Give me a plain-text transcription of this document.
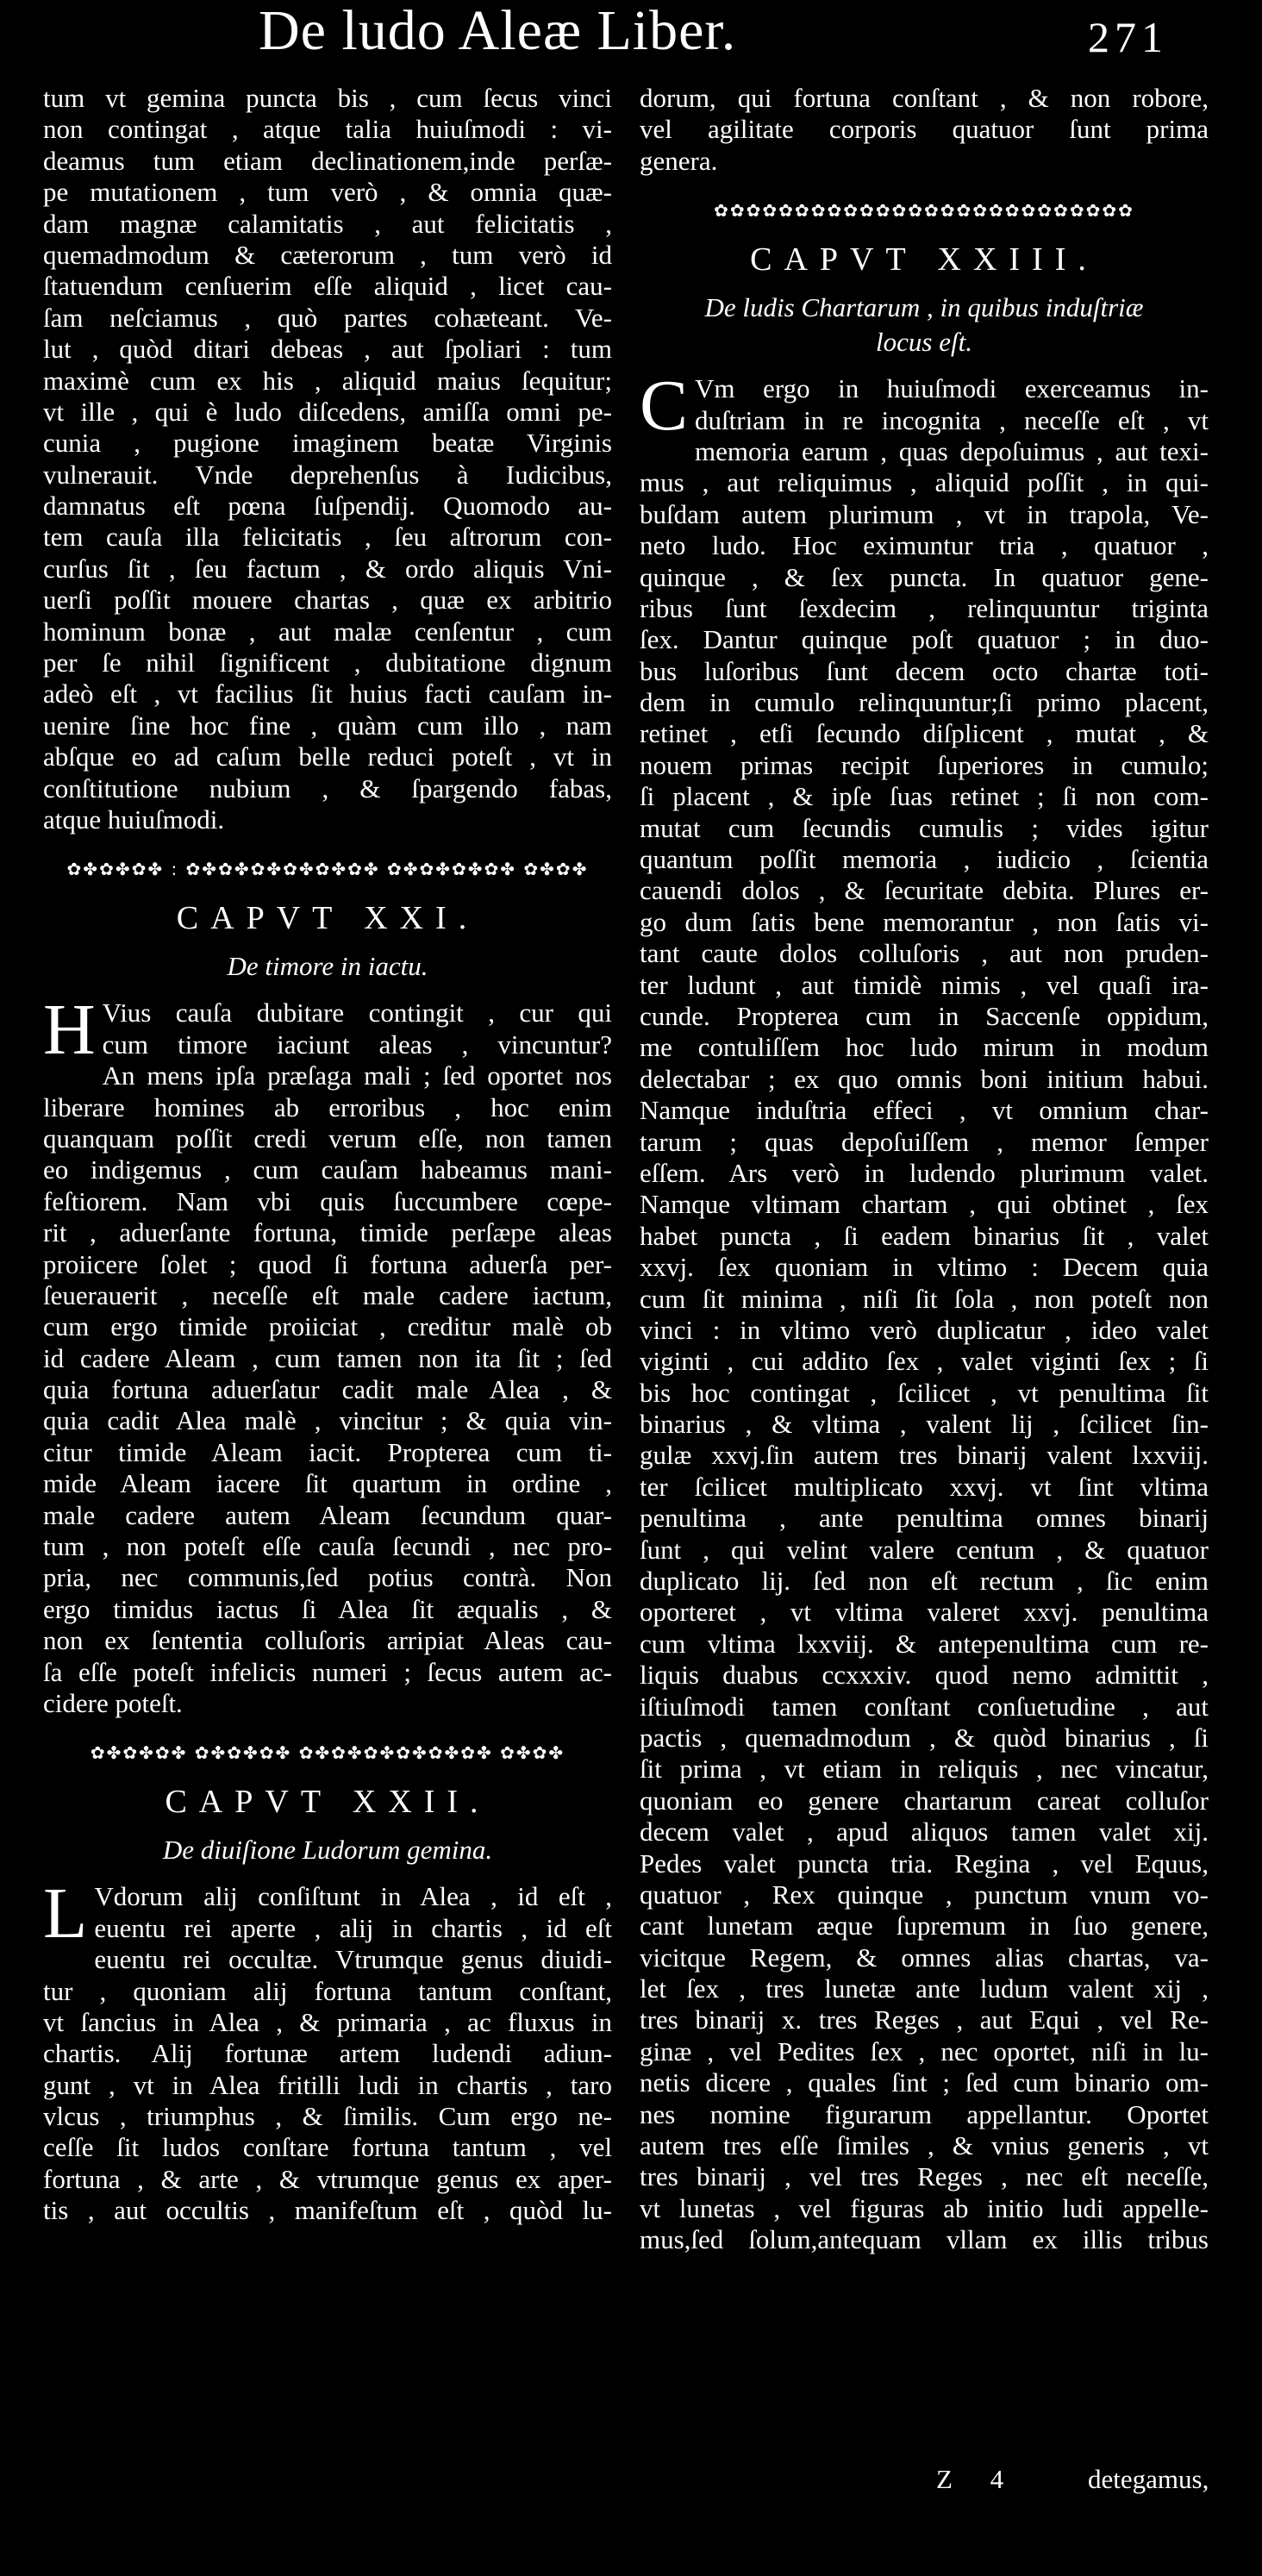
De ludo Aleæ Liber.	271
tum vt gemina puncta bis , cum ſecus vinci
non contingat , atque talia huiuſmodi : vi-
deamus tum etiam declinationem,inde perſæ-
pe mutationem , tum verò , & omnia quæ-
dam magnæ calamitatis , aut felicitatis ,
quemadmodum & cæterorum , tum verò id
ſtatuendum cenſuerim eſſe aliquid , licet cau-
ſam neſciamus , quò partes cohæteant. Ve-
lut , quòd ditari debeas , aut ſpoliari : tum
maximè cum ex his , aliquid maius ſequitur;
vt ille , qui è ludo diſcedens, amiſſa omni pe-
cunia , pugione imaginem beatæ Virginis
vulnerauit. Vnde deprehenſus à Iudicibus,
damnatus eſt pœna ſuſpendij. Quomodo au-
tem cauſa illa felicitatis , ſeu aſtrorum con-
curſus ſit , ſeu factum , & ordo aliquis Vni-
uerſi poſſit mouere chartas , quæ ex arbitrio
hominum bonæ , aut malæ cenſentur , cum
per ſe nihil ſignificent , dubitatione dignum
adeò eſt , vt facilius ſit huius facti cauſam in-
uenire ſine hoc fine , quàm cum illo , nam
abſque eo ad caſum belle reduci poteſt , vt in
conſtitutione nubium , & ſpargendo fabas,
atque huiuſmodi.
✿✤✿✤✿✤ : ✿✤✿✤✿✤✿✤✿✤✿✤ ✿✤✿✤✿✤✿✤ ✿✤✿✤
CAPVT XXI.
De timore in iactu.
H Vius cauſa dubitare contingit , cur qui
cum timore iaciunt aleas , vincuntur?
An mens ipſa præſaga mali ; ſed oportet nos
liberare homines ab erroribus , hoc enim
quanquam poſſit credi verum eſſe, non tamen
eo indigemus , cum cauſam habeamus mani-
feſtiorem. Nam vbi quis ſuccumbere cœpe-
rit , aduerſante fortuna, timide perſæpe aleas
proiicere ſolet ; quod ſi fortuna aduerſa per-
ſeuerauerit , neceſſe eſt male cadere iactum,
cum ergo timide proiiciat , creditur malè ob
id cadere Aleam , cum tamen non ita ſit ; ſed
quia fortuna aduerſatur cadit male Alea , &
quia cadit Alea malè , vincitur ; & quia vin-
citur timide Aleam iacit. Propterea cum ti-
mide Aleam iacere ſit quartum in ordine ,
male cadere autem Aleam ſecundum quar-
tum , non poteſt eſſe cauſa ſecundi , nec pro-
pria, nec communis,ſed potius contrà. Non
ergo timidus iactus ſi Alea ſit æqualis , &
non ex ſententia colluſoris arripiat Aleas cau-
ſa eſſe poteſt infelicis numeri ; ſecus autem ac-
cidere poteſt.
✿✤✿✤✿✤ ✿✤✿✤✿✤ ✿✤✿✤✿✤✿✤✿✤✿✤ ✿✤✿✤
CAPVT XXII.
De diuiſione Ludorum gemina.
L Vdorum alij conſiſtunt in Alea , id eſt ,
euentu rei aperte , alij in chartis , id eſt
euentu rei occultæ. Vtrumque genus diuidi-
tur , quoniam alij fortuna tantum conſtant,
vt ſancius in Alea , & primaria , ac fluxus in
chartis. Alij fortunæ artem ludendi adiun-
gunt , vt in Alea fritilli ludi in chartis , taro
vlcus , triumphus , & ſimilis. Cum ergo ne-
ceſſe ſit ludos conſtare fortuna tantum , vel
fortuna , & arte , & vtrumque genus ex aper-
tis , aut occultis , manifeſtum eſt , quòd lu-
dorum, qui fortuna conſtant , & non robore,
vel agilitate corporis quatuor ſunt prima
genera.
✿✿✿✿✿✿✿✿✿✿✿✿✿✿✿✿✿✿✿✿✿✿✿✿✿✿
CAPVT XXIII.
De ludis Chartarum , in quibus induſtriæ
locus eſt.
C Vm ergo in huiuſmodi exerceamus in-
duſtriam in re incognita , neceſſe eſt , vt
memoria earum , quas depoſuimus , aut texi-
mus , aut reliquimus , aliquid poſſit , in qui-
buſdam autem plurimum , vt in trapola, Ve-
neto ludo. Hoc eximuntur tria , quatuor ,
quinque , & ſex puncta. In quatuor gene-
ribus ſunt ſexdecim , relinquuntur triginta
ſex. Dantur quinque poſt quatuor ; in duo-
bus luſoribus ſunt decem octo chartæ toti-
dem in cumulo relinquuntur;ſi primo placent,
retinet , etſi ſecundo diſplicent , mutat , &
nouem primas recipit ſuperiores in cumulo;
ſi placent , & ipſe ſuas retinet ; ſi non com-
mutat cum ſecundis cumulis ; vides igitur
quantum poſſit memoria , iudicio , ſcientia
cauendi dolos , & ſecuritate debita. Plures er-
go dum ſatis bene memorantur , non ſatis vi-
tant caute dolos colluſoris , aut non pruden-
ter ludunt , aut timidè nimis , vel quaſi ira-
cunde. Propterea cum in Saccenſe oppidum,
me contuliſſem hoc ludo mirum in modum
delectabar ; ex quo omnis boni initium habui.
Namque induſtria effeci , vt omnium char-
tarum ; quas depoſuiſſem , memor ſemper
eſſem. Ars verò in ludendo plurimum valet.
Namque vltimam chartam , qui obtinet , ſex
habet puncta , ſi eadem binarius ſit , valet
xxvj. ſex quoniam in vltimo : Decem quia
cum ſit minima , niſi ſit ſola , non poteſt non
vinci : in vltimo verò duplicatur , ideo valet
viginti , cui addito ſex , valet viginti ſex ; ſi
bis hoc contingat , ſcilicet , vt penultima ſit
binarius , & vltima , valent lij , ſcilicet ſin-
gulæ xxvj.ſin autem tres binarij valent lxxviij.
ter ſcilicet multiplicato xxvj. vt ſint vltima
penultima , ante penultima omnes binarij
ſunt , qui velint valere centum , & quatuor
duplicato lij. ſed non eſt rectum , ſic enim
oporteret , vt vltima valeret xxvj. penultima
cum vltima lxxviij. & antepenultima cum re-
liquis duabus ccxxxiv. quod nemo admittit ,
iſtiuſmodi tamen conſtant conſuetudine , aut
pactis , quemadmodum , & quòd binarius , ſi
ſit prima , vt etiam in reliquis , nec vincatur,
quoniam eo genere chartarum careat colluſor
decem valet , apud aliquos tamen valet xij.
Pedes valet puncta tria. Regina , vel Equus,
quatuor , Rex quinque , punctum vnum vo-
cant lunetam æque ſupremum in ſuo genere,
vicitque Regem, & omnes alias chartas, va-
let ſex , tres lunetæ ante ludum valent xij ,
tres binarij x. tres Reges , aut Equi , vel Re-
ginæ , vel Pedites ſex , nec oportet, niſi in lu-
netis dicere , quales ſint ; ſed cum binario om-
nes nomine figurarum appellantur. Oportet
autem tres eſſe ſimiles , & vnius generis , vt
tres binarij , vel tres Reges , nec eſt neceſſe,
vt lunetas , vel figuras ab initio ludi appelle-
mus,ſed ſolum,antequam vllam ex illis tribus
Z 4	detegamus,
